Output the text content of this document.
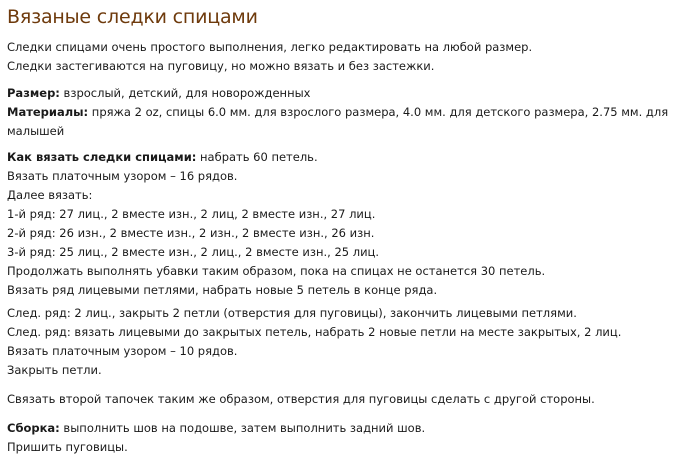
Вязаные следки спицами
Следки спицами очень простого выполнения, легко редактировать на любой размер.
Следки застегиваются на пуговицу, но можно вязать и без застежки.
Размер: взрослый, детский, для новорожденных
Материалы: пряжа 2 oz, спицы 6.0 мм. для взрослого размера, 4.0 мм. для детского размера, 2.75 мм. для малышей
Как вязать следки спицами: набрать 60 петель.
Вязать платочным узором – 16 рядов.
Далее вязать:
1-й ряд: 27 лиц., 2 вместе изн., 2 лиц, 2 вместе изн., 27 лиц.
2-й ряд: 26 изн., 2 вместе изн., 2 изн., 2 вместе изн., 26 изн.
3-й ряд: 25 лиц., 2 вместе изн., 2 лиц., 2 вместе изн., 25 лиц.
Продолжать выполнять убавки таким образом, пока на спицах не останется 30 петель.
Вязать ряд лицевыми петлями, набрать новые 5 петель в конце ряда.
След. ряд: 2 лиц., закрыть 2 петли (отверстия для пуговицы), закончить лицевыми петлями.
След. ряд: вязать лицевыми до закрытых петель, набрать 2 новые петли на месте закрытых, 2 лиц.
Вязать платочным узором – 10 рядов.
Закрыть петли.
Связать второй тапочек таким же образом, отверстия для пуговицы сделать с другой стороны.
Сборка: выполнить шов на подошве, затем выполнить задний шов.
Пришить пуговицы.
